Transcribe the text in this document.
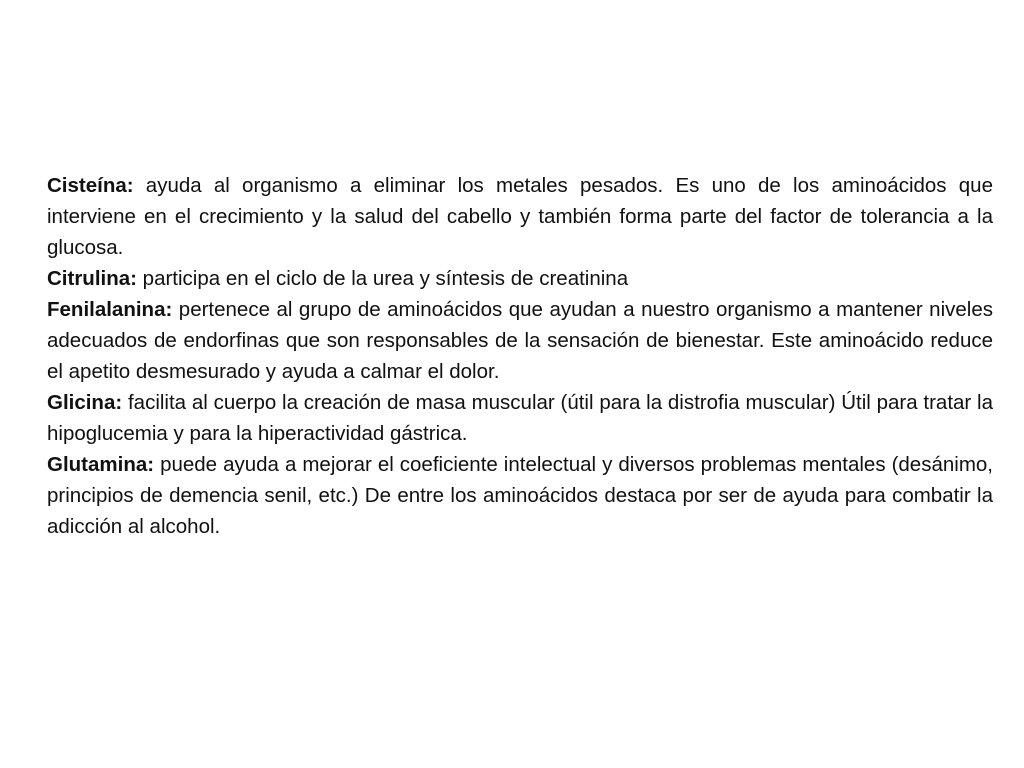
Cisteína: ayuda al organismo a eliminar los metales pesados. Es uno de los aminoácidos que interviene en el crecimiento y la salud del cabello y también forma parte del factor de tolerancia a la glucosa.

Citrulina: participa en el ciclo de la urea y síntesis de creatinina

Fenilalanina: pertenece al grupo de aminoácidos que ayudan a nuestro organismo a mantener niveles adecuados de endorfinas que son responsables de la sensación de bienestar. Este aminoácido reduce el apetito desmesurado y ayuda a calmar el dolor.

Glicina: facilita al cuerpo la creación de masa muscular (útil para la distrofia muscular) Útil para tratar la hipoglucemia y para la hiperactividad gástrica.

Glutamina: puede ayuda a mejorar el coeficiente intelectual y diversos problemas mentales (desánimo, principios de demencia senil, etc.) De entre los aminoácidos destaca por ser de ayuda para combatir la adicción al alcohol.
